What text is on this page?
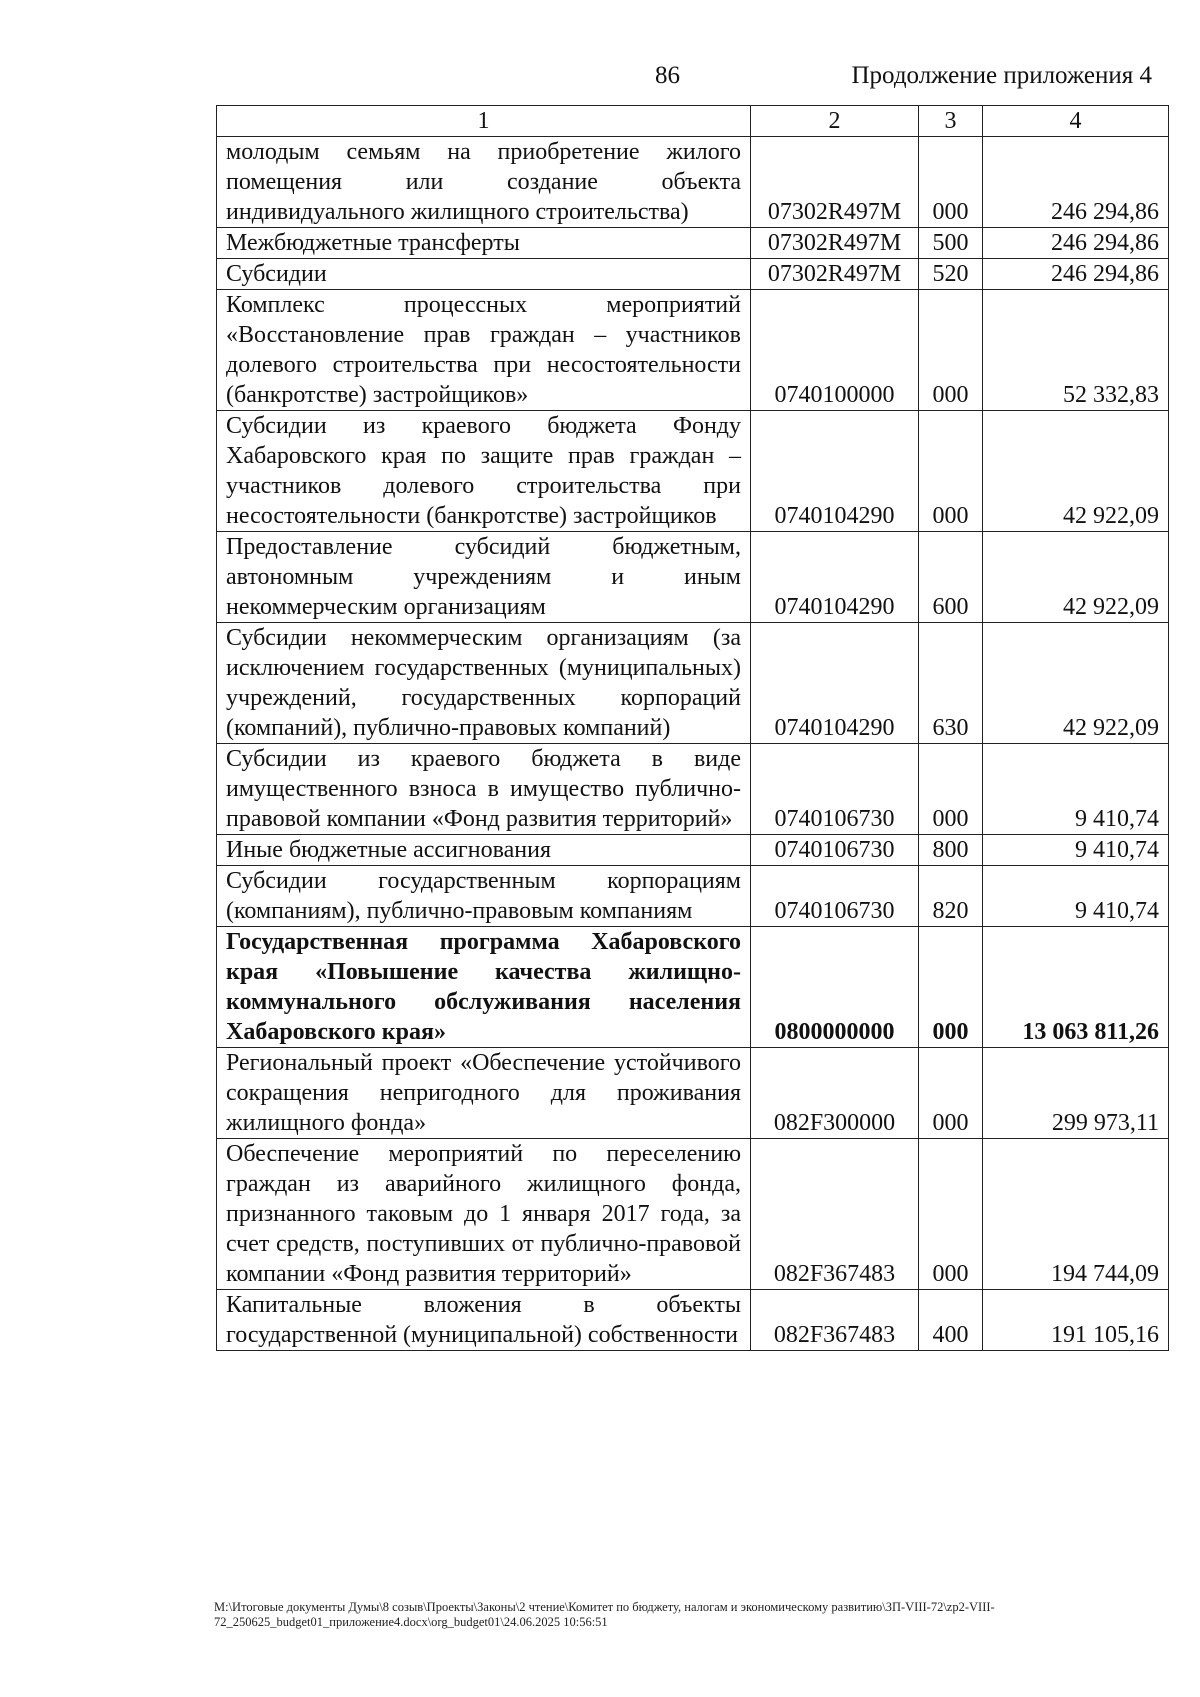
86	Продолжение приложения 4
1	2	3	4
молодым семьям на приобретение жилого помещения или создание объекта индивидуального жилищного строительства)	07302R497M	000	246 294,86
Межбюджетные трансферты	07302R497M	500	246 294,86
Субсидии	07302R497M	520	246 294,86
Комплекс процессных мероприятий «Восстановление прав граждан – участников долевого строительства при несостоятельности (банкротстве) застройщиков»	0740100000	000	52 332,83
Субсидии из краевого бюджета Фонду Хабаровского края по защите прав граждан – участников долевого строительства при несостоятельности (банкротстве) застройщиков	0740104290	000	42 922,09
Предоставление субсидий бюджетным, автономным учреждениям и иным некоммерческим организациям	0740104290	600	42 922,09
Субсидии некоммерческим организациям (за исключением государственных (муниципальных) учреждений, государственных корпораций (компаний), публично-правовых компаний)	0740104290	630	42 922,09
Субсидии из краевого бюджета в виде имущественного взноса в имущество публично-правовой компании «Фонд развития территорий»	0740106730	000	9 410,74
Иные бюджетные ассигнования	0740106730	800	9 410,74
Субсидии государственным корпорациям (компаниям), публично-правовым компаниям	0740106730	820	9 410,74
Государственная программа Хабаровского края «Повышение качества жилищно-коммунального обслуживания населения Хабаровского края»	0800000000	000	13 063 811,26
Региональный проект «Обеспечение устойчивого сокращения непригодного для проживания жилищного фонда»	082F300000	000	299 973,11
Обеспечение мероприятий по переселению граждан из аварийного жилищного фонда, признанного таковым до 1 января 2017 года, за счет средств, поступивших от публично-правовой компании «Фонд развития территорий»	082F367483	000	194 744,09
Капитальные вложения в объекты государственной (муниципальной) собственности	082F367483	400	191 105,16
M:\Итоговые документы Думы\8 созыв\Проекты\Законы\2 чтение\Комитет по бюджету, налогам и экономическому развитию\ЗП-VIII-72\zp2-VIII-72_250625_budget01_приложение4.docx\org_budget01\24.06.2025 10:56:51
